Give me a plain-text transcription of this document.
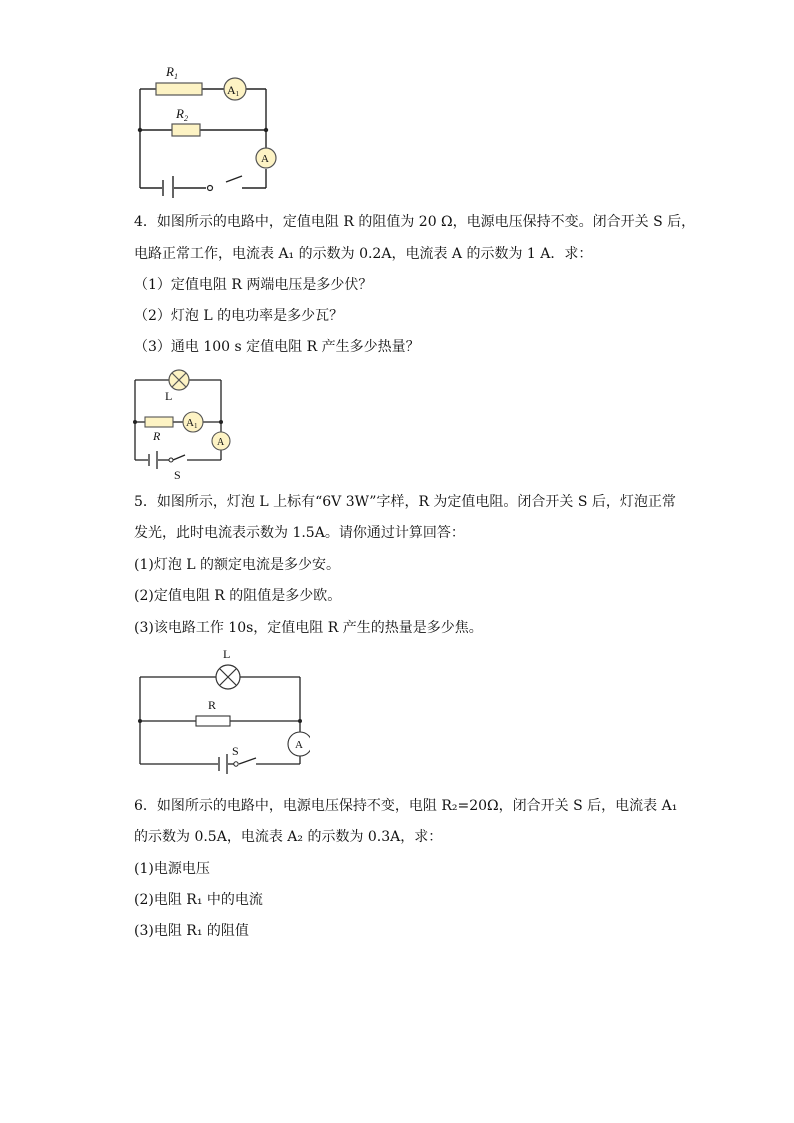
$R_1$
$R_2$
A1
A
4．如图所示的电路中，定值电阻 R 的阻值为 20 Ω，电源电压保持不变。闭合开关 S 后，
电路正常工作，电流表 A₁ 的示数为 0.2A，电流表 A 的示数为 1 A．求：
（1）定值电阻 R 两端电压是多少伏？
（2）灯泡 L 的电功率是多少瓦？
（3）通电 100 s 定值电阻 R 产生多少热量？
L
R
A1
A
S
5．如图所示，灯泡 L 上标有“6V 3W”字样，R 为定值电阻。闭合开关 S 后，灯泡正常
发光，此时电流表示数为 1.5A。请你通过计算回答：
(1)灯泡 L 的额定电流是多少安。
(2)定值电阻 R 的阻值是多少欧。
(3)该电路工作 10s，定值电阻 R 产生的热量是多少焦。
L
R
S	A
6．如图所示的电路中，电源电压保持不变，电阻 R₂=20Ω，闭合开关 S 后，电流表 A₁
的示数为 0.5A，电流表 A₂ 的示数为 0.3A，求：
(1)电源电压
(2)电阻 R₁ 中的电流
(3)电阻 R₁ 的阻值
